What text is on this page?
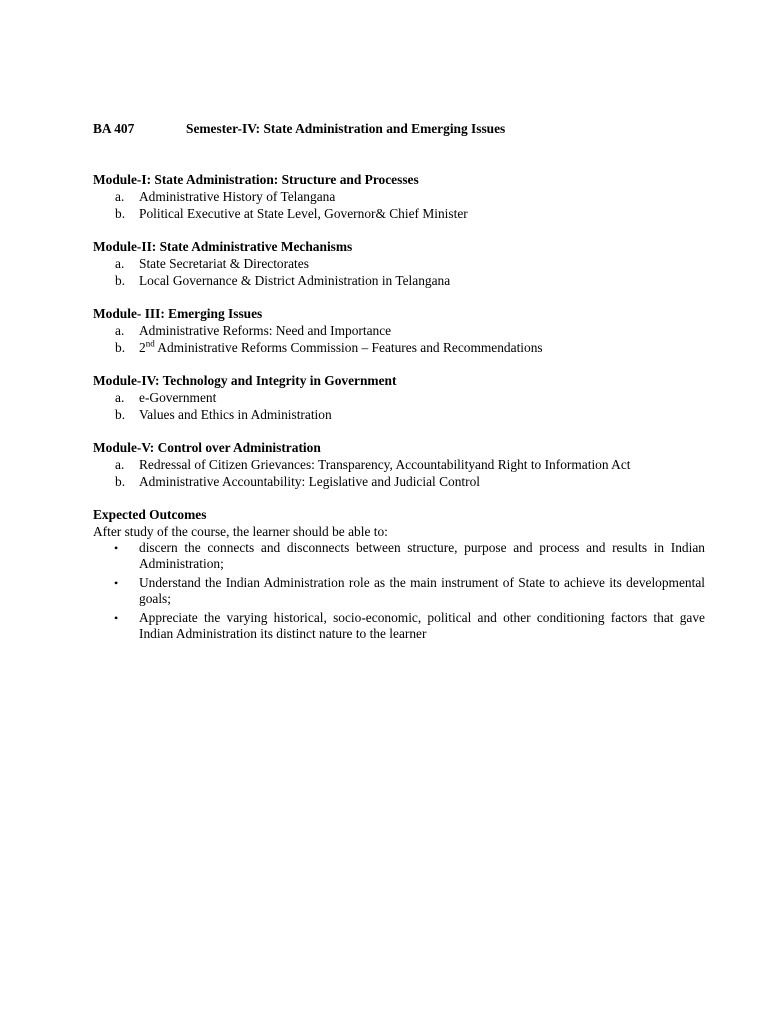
BA 407	Semester-IV: State Administration and Emerging Issues
Module-I: State Administration: Structure and Processes
a. Administrative History of Telangana
b. Political Executive at State Level, Governor& Chief Minister
Module-II: State Administrative Mechanisms
a. State Secretariat & Directorates
b. Local Governance & District Administration in Telangana
Module- III: Emerging Issues
a. Administrative Reforms: Need and Importance
b. 2nd Administrative Reforms Commission – Features and Recommendations
Module-IV: Technology and Integrity in Government
a. e-Government
b. Values and Ethics in Administration
Module-V: Control over Administration
a. Redressal of Citizen Grievances: Transparency, Accountabilityand Right to Information Act
b. Administrative Accountability: Legislative and Judicial Control
Expected Outcomes
After study of the course, the learner should be able to:
• discern the connects and disconnects between structure, purpose and process and results in Indian Administration;
• Understand the Indian Administration role as the main instrument of State to achieve its developmental goals;
• Appreciate the varying historical, socio-economic, political and other conditioning factors that gave Indian Administration its distinct nature to the learner
